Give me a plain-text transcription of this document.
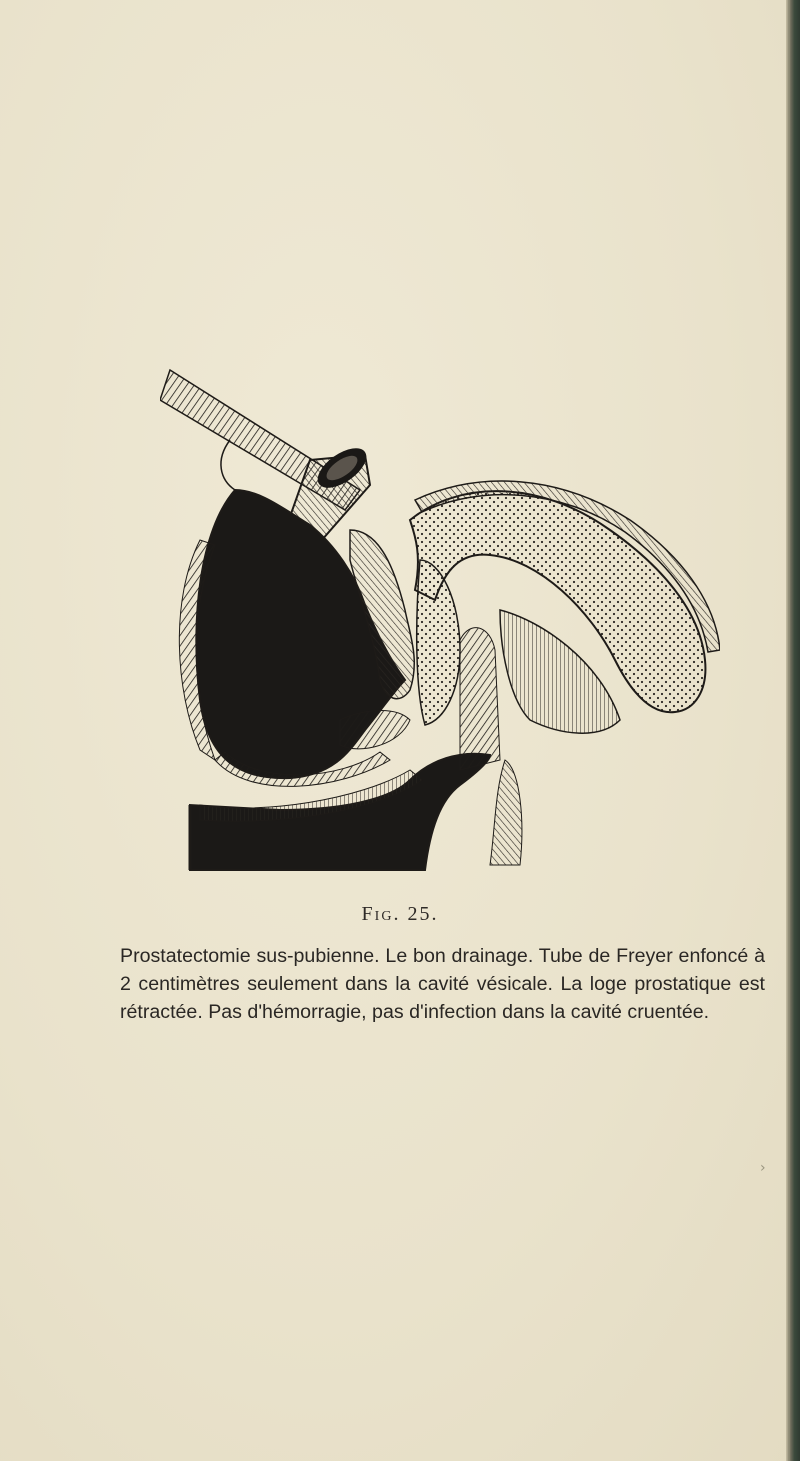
Fig. 25.
Prostatectomie sus-pubienne. Le bon drainage. Tube de Freyer enfoncé à 2 centimètres seulement dans la cavité vésicale. La loge prostatique est rétractée. Pas d'hémorragie, pas d'infection dans la cavité cruentée.
›
